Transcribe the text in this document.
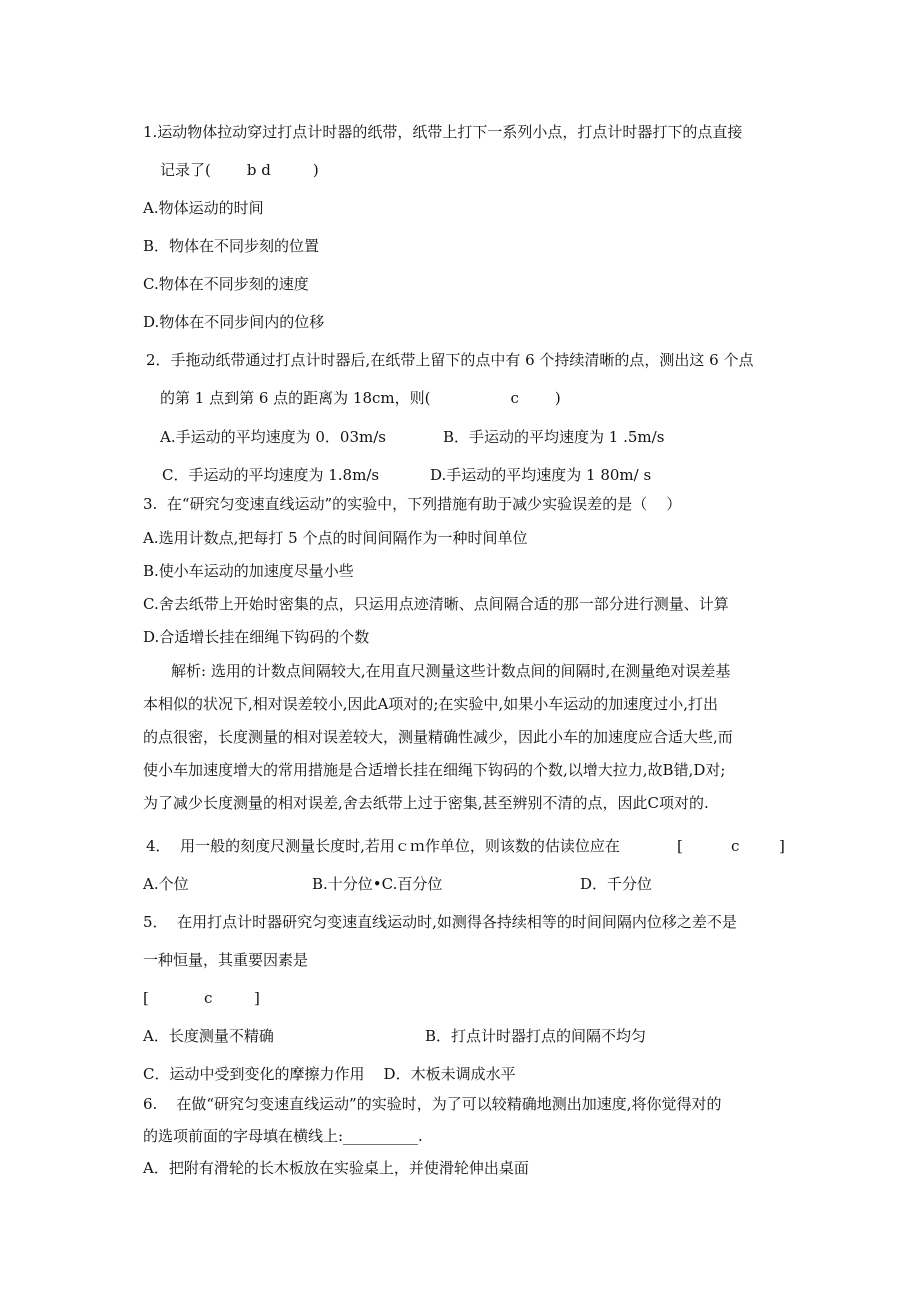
1.运动物体拉动穿过打点计时器的纸带，纸带上打下一系列小点，打点计时器打下的点直接
记录了( b d	)
A.物体运动的时间
B．物体在不同步刻的位置
C.物体在不同步刻的速度
D.物体在不同步间内的位移
2．手拖动纸带通过打点计时器后,在纸带上留下的点中有 6 个持续清晰的点，测出这 6 个点
的第 1 点到第 6 点的距离为 18cm，则(	c )
A.手运动的平均速度为 0．03m/s	B．手运动的平均速度为 1 .5m/s
C．手运动的平均速度为 1.8m/s	D.手运动的平均速度为 1 80m/ s
3.  在“研究匀变速直线运动”的实验中，下列措施有助于减少实验误差的是（    ）
A.选用计数点,把每打 5 个点的时间间隔作为一种时间单位
B.使小车运动的加速度尽量小些
C.舍去纸带上开始时密集的点，只运用点迹清晰、点间隔合适的那一部分进行测量、计算
D.合适增长挂在细绳下钩码的个数
解析: 选用的计数点间隔较大,在用直尺测量这些计数点间的间隔时,在测量绝对误差基
本相似的状况下,相对误差较小,因此A项对的;在实验中,如果小车运动的加速度过小,打出
的点很密，长度测量的相对误差较大，测量精确性减少，因此小车的加速度应合适大些,而
使小车加速度增大的常用措施是合适增长挂在细绳下钩码的个数,以增大拉力,故B错,D对;
为了减少长度测量的相对误差,舍去纸带上过于密集,甚至辨别不清的点，因此C项对的.
4．  用一般的刻度尺测量长度时,若用ｃｍ作单位，则该数的估读位应在	[	c	]
A.个位	B.十分位•C.百分位	D．千分位
5．  在用打点计时器研究匀变速直线运动时,如测得各持续相等的时间间隔内位移之差不是
一种恒量，其重要因素是
[	c	]
A．长度测量不精确	B．打点计时器打点的间隔不均匀
C．运动中受到变化的摩擦力作用    D．木板未调成水平
6.    在做“研究匀变速直线运动”的实验时，为了可以较精确地测出加速度,将你觉得对的
的选项前面的字母填在横线上:__________.
A．把附有滑轮的长木板放在实验桌上，并使滑轮伸出桌面
